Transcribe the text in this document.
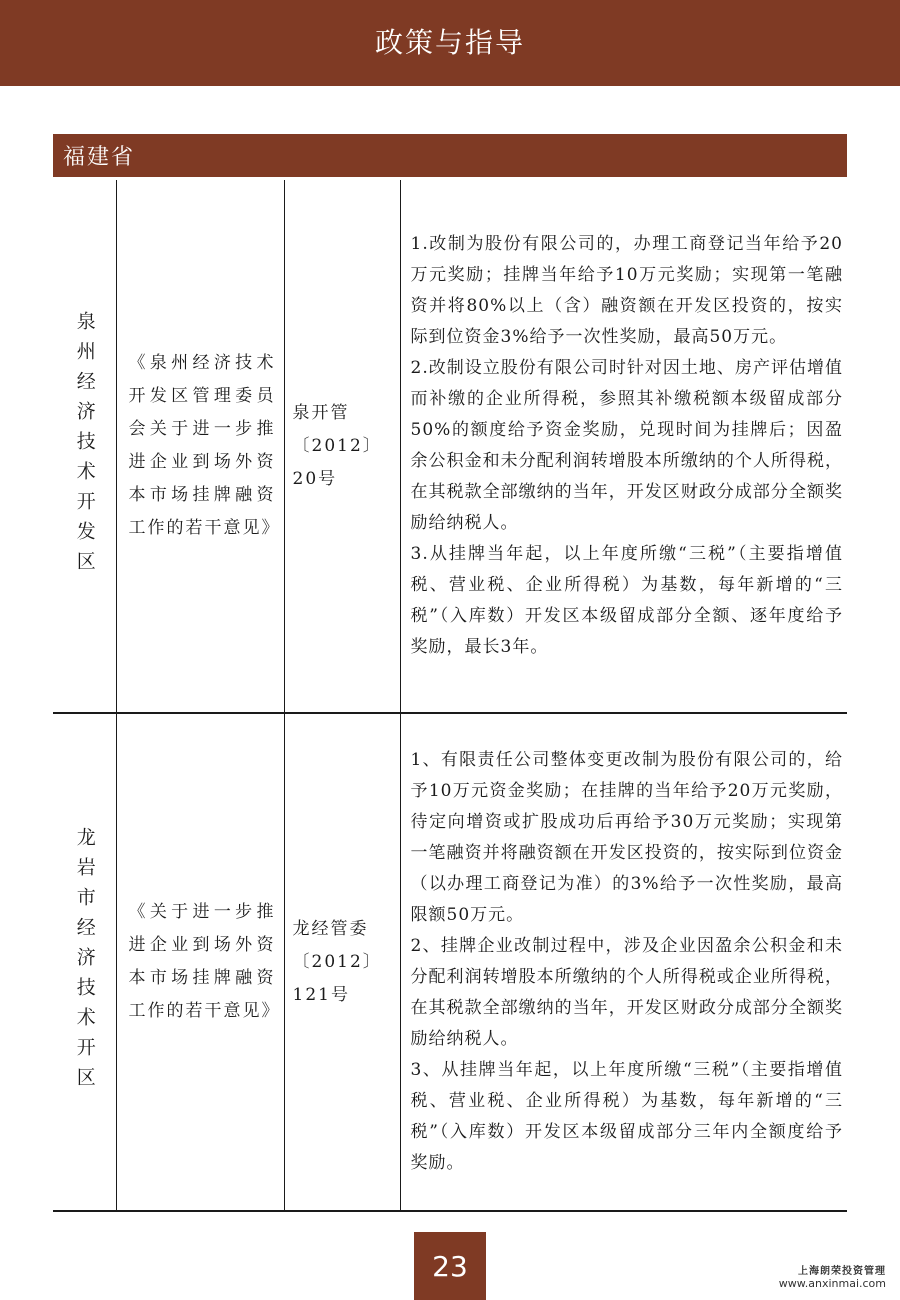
政策与指导
福建省
泉州经济技术开发区	《泉州经济技术开发区管理委员会关于进一步推进企业到场外资本市场挂牌融资工作的若干意见》	泉开管〔2012〕20号	1.改制为股份有限公司的，办理工商登记当年给予20万元奖励；挂牌当年给予10万元奖励；实现第一笔融资并将80%以上（含）融资额在开发区投资的，按实际到位资金3%给予一次性奖励，最高50万元。

2.改制设立股份有限公司时针对因土地、房产评估增值而补缴的企业所得税，参照其补缴税额本级留成部分50%的额度给予资金奖励，兑现时间为挂牌后；因盈余公积金和未分配利润转增股本所缴纳的个人所得税，在其税款全部缴纳的当年，开发区财政分成部分全额奖励给纳税人。

3.从挂牌当年起，以上年度所缴“三税”（主要指增值税、营业税、企业所得税）为基数，每年新增的“三税”（入库数）开发区本级留成部分全额、逐年度给予奖励，最长3年。

龙岩市经济技术开区	《关于进一步推进企业到场外资本市场挂牌融资工作的若干意见》	龙经管委〔2012〕121号	1、有限责任公司整体变更改制为股份有限公司的，给予10万元资金奖励；在挂牌的当年给予20万元奖励，待定向增资或扩股成功后再给予30万元奖励；实现第一笔融资并将融资额在开发区投资的，按实际到位资金（以办理工商登记为准）的3%给予一次性奖励，最高限额50万元。

2、挂牌企业改制过程中，涉及企业因盈余公积金和未分配利润转增股本所缴纳的个人所得税或企业所得税，在其税款全部缴纳的当年，开发区财政分成部分全额奖励给纳税人。

3、从挂牌当年起，以上年度所缴“三税”（主要指增值税、营业税、企业所得税）为基数，每年新增的“三税”（入库数）开发区本级留成部分三年内全额度给予奖励。

23	上海朗荣投资管理
www.anxinmai.com
